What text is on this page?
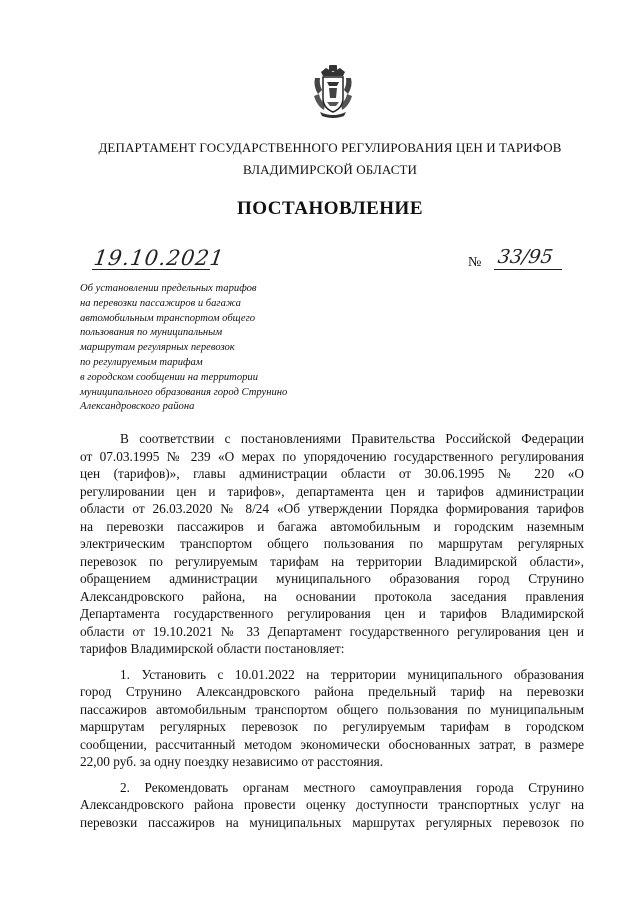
ДЕПАРТАМЕНТ ГОСУДАРСТВЕННОГО РЕГУЛИРОВАНИЯ ЦЕН И ТАРИФОВ
ВЛАДИМИРСКОЙ ОБЛАСТИ
ПОСТАНОВЛЕНИЕ
19.10.2021	№ 33/95
Об установлении предельных тарифов
на перевозки пассажиров и багажа
автомобильным транспортом общего
пользования по муниципальным
маршрутам регулярных перевозок
по регулируемым тарифам
в городском сообщении на территории
муниципального образования город Струнино
Александровского района
В соответствии с постановлениями Правительства Российской Федерации
от 07.03.1995 № 239 «О мерах по упорядочению государственного регулирования
цен (тарифов)», главы администрации области от 30.06.1995 № 220 «О
регулировании цен и тарифов», департамента цен и тарифов администрации
области от 26.03.2020 № 8/24 «Об утверждении Порядка формирования тарифов
на перевозки пассажиров и багажа автомобильным и городским наземным
электрическим транспортом общего пользования по маршрутам регулярных
перевозок по регулируемым тарифам на территории Владимирской области»,
обращением администрации муниципального образования город Струнино
Александровского района, на основании протокола заседания правления
Департамента государственного регулирования цен и тарифов Владимирской
области от 19.10.2021 № 33 Департамент государственного регулирования цен и
тарифов Владимирской области постановляет:
1. Установить с 10.01.2022 на территории муниципального образования
город Струнино Александровского района предельный тариф на перевозки
пассажиров автомобильным транспортом общего пользования по муниципальным
маршрутам регулярных перевозок по регулируемым тарифам в городском
сообщении, рассчитанный методом экономически обоснованных затрат, в размере
22,00 руб. за одну поездку независимо от расстояния.
2. Рекомендовать органам местного самоуправления города Струнино
Александровского района провести оценку доступности транспортных услуг на
перевозки пассажиров на муниципальных маршрутах регулярных перевозок по
